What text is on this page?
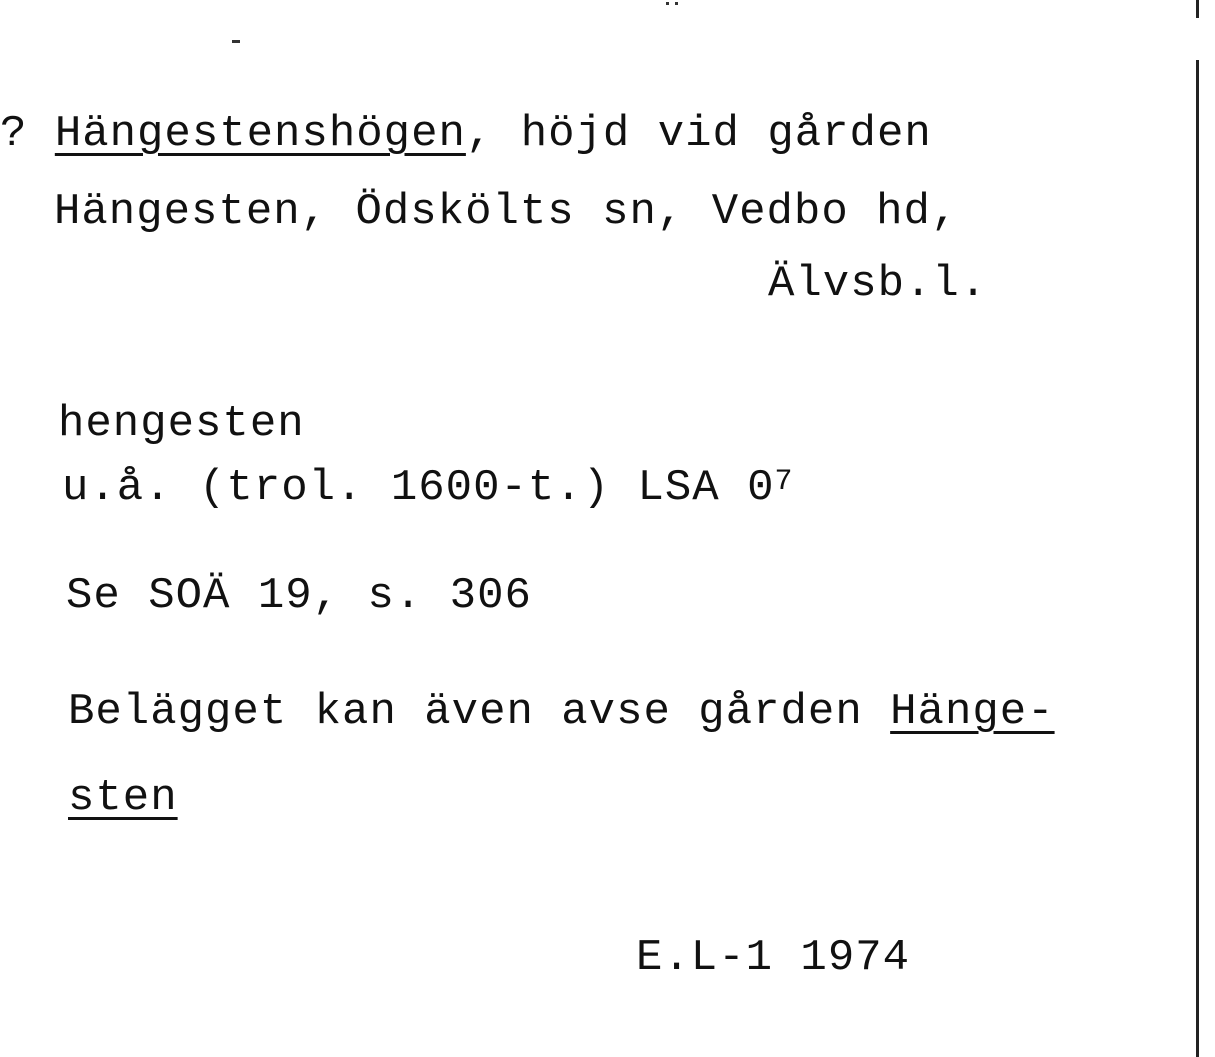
? Hängestenshögen, höjd vid gården
Hängesten, Ödskölts sn, Vedbo hd,
Älvsb.l.
hengesten
u.å. (trol. 1600-t.) LSA $0^7$
Se SOÄ 19, s. 306
Belägget kan även avse gården Hänge-
sten
E.L-1 1974
